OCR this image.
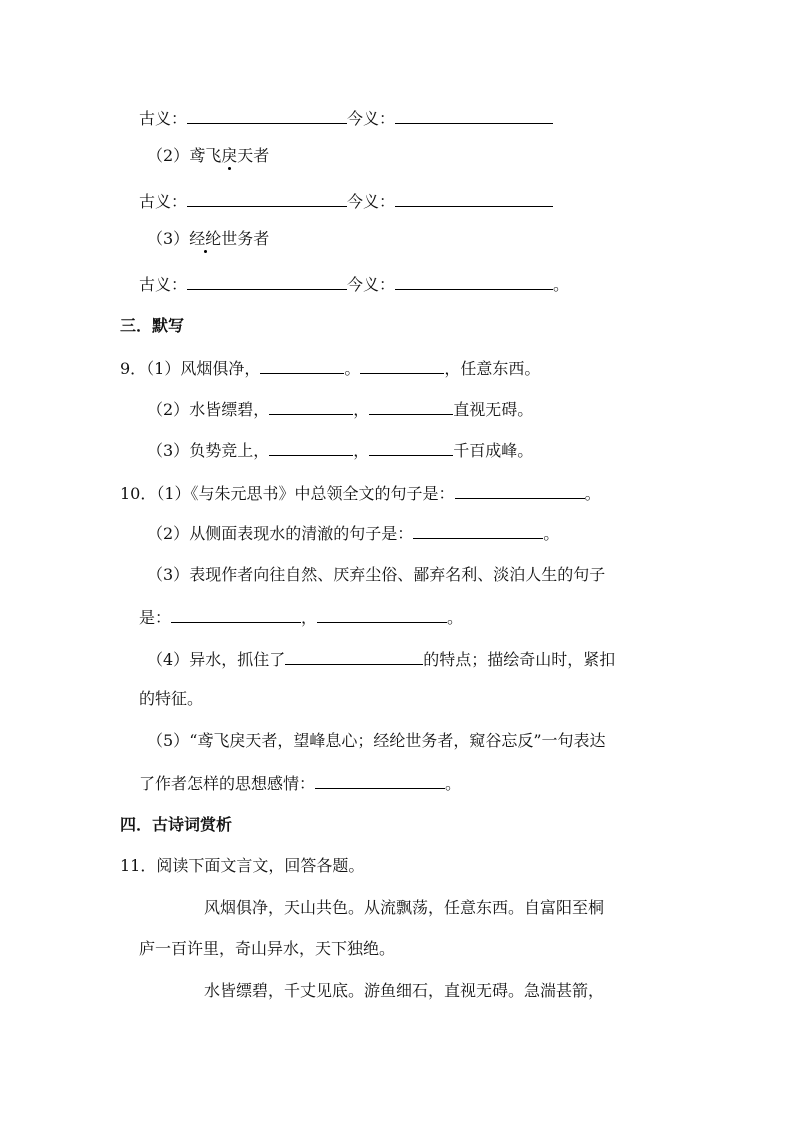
古义：	今义：
（2）鸢飞戾天者
古义：	今义：
（3）经纶世务者
古义：	今义：	。
三．默写
9．（1）风烟俱净，	。	，任意东西。
（2）水皆缥碧，	，	直视无碍。
（3）负势竞上，	，	千百成峰。
10．（1）《与朱元思书》中总领全文的句子是：	。
（2）从侧面表现水的清澈的句子是：	。
（3）表现作者向往自然、厌弃尘俗、鄙弃名利、淡泊人生的句子
是：	，	。
（4）异水，抓住了	的特点；描绘奇山时，紧扣
的特征。
（5）“鸢飞戾天者，望峰息心；经纶世务者，窥谷忘反”一句表达
了作者怎样的思想感情：	。
四．古诗词赏析
11．阅读下面文言文，回答各题。
风烟俱净，天山共色。从流飘荡，任意东西。自富阳至桐
庐一百许里，奇山异水，天下独绝。
水皆缥碧，千丈见底。游鱼细石，直视无碍。急湍甚箭，
